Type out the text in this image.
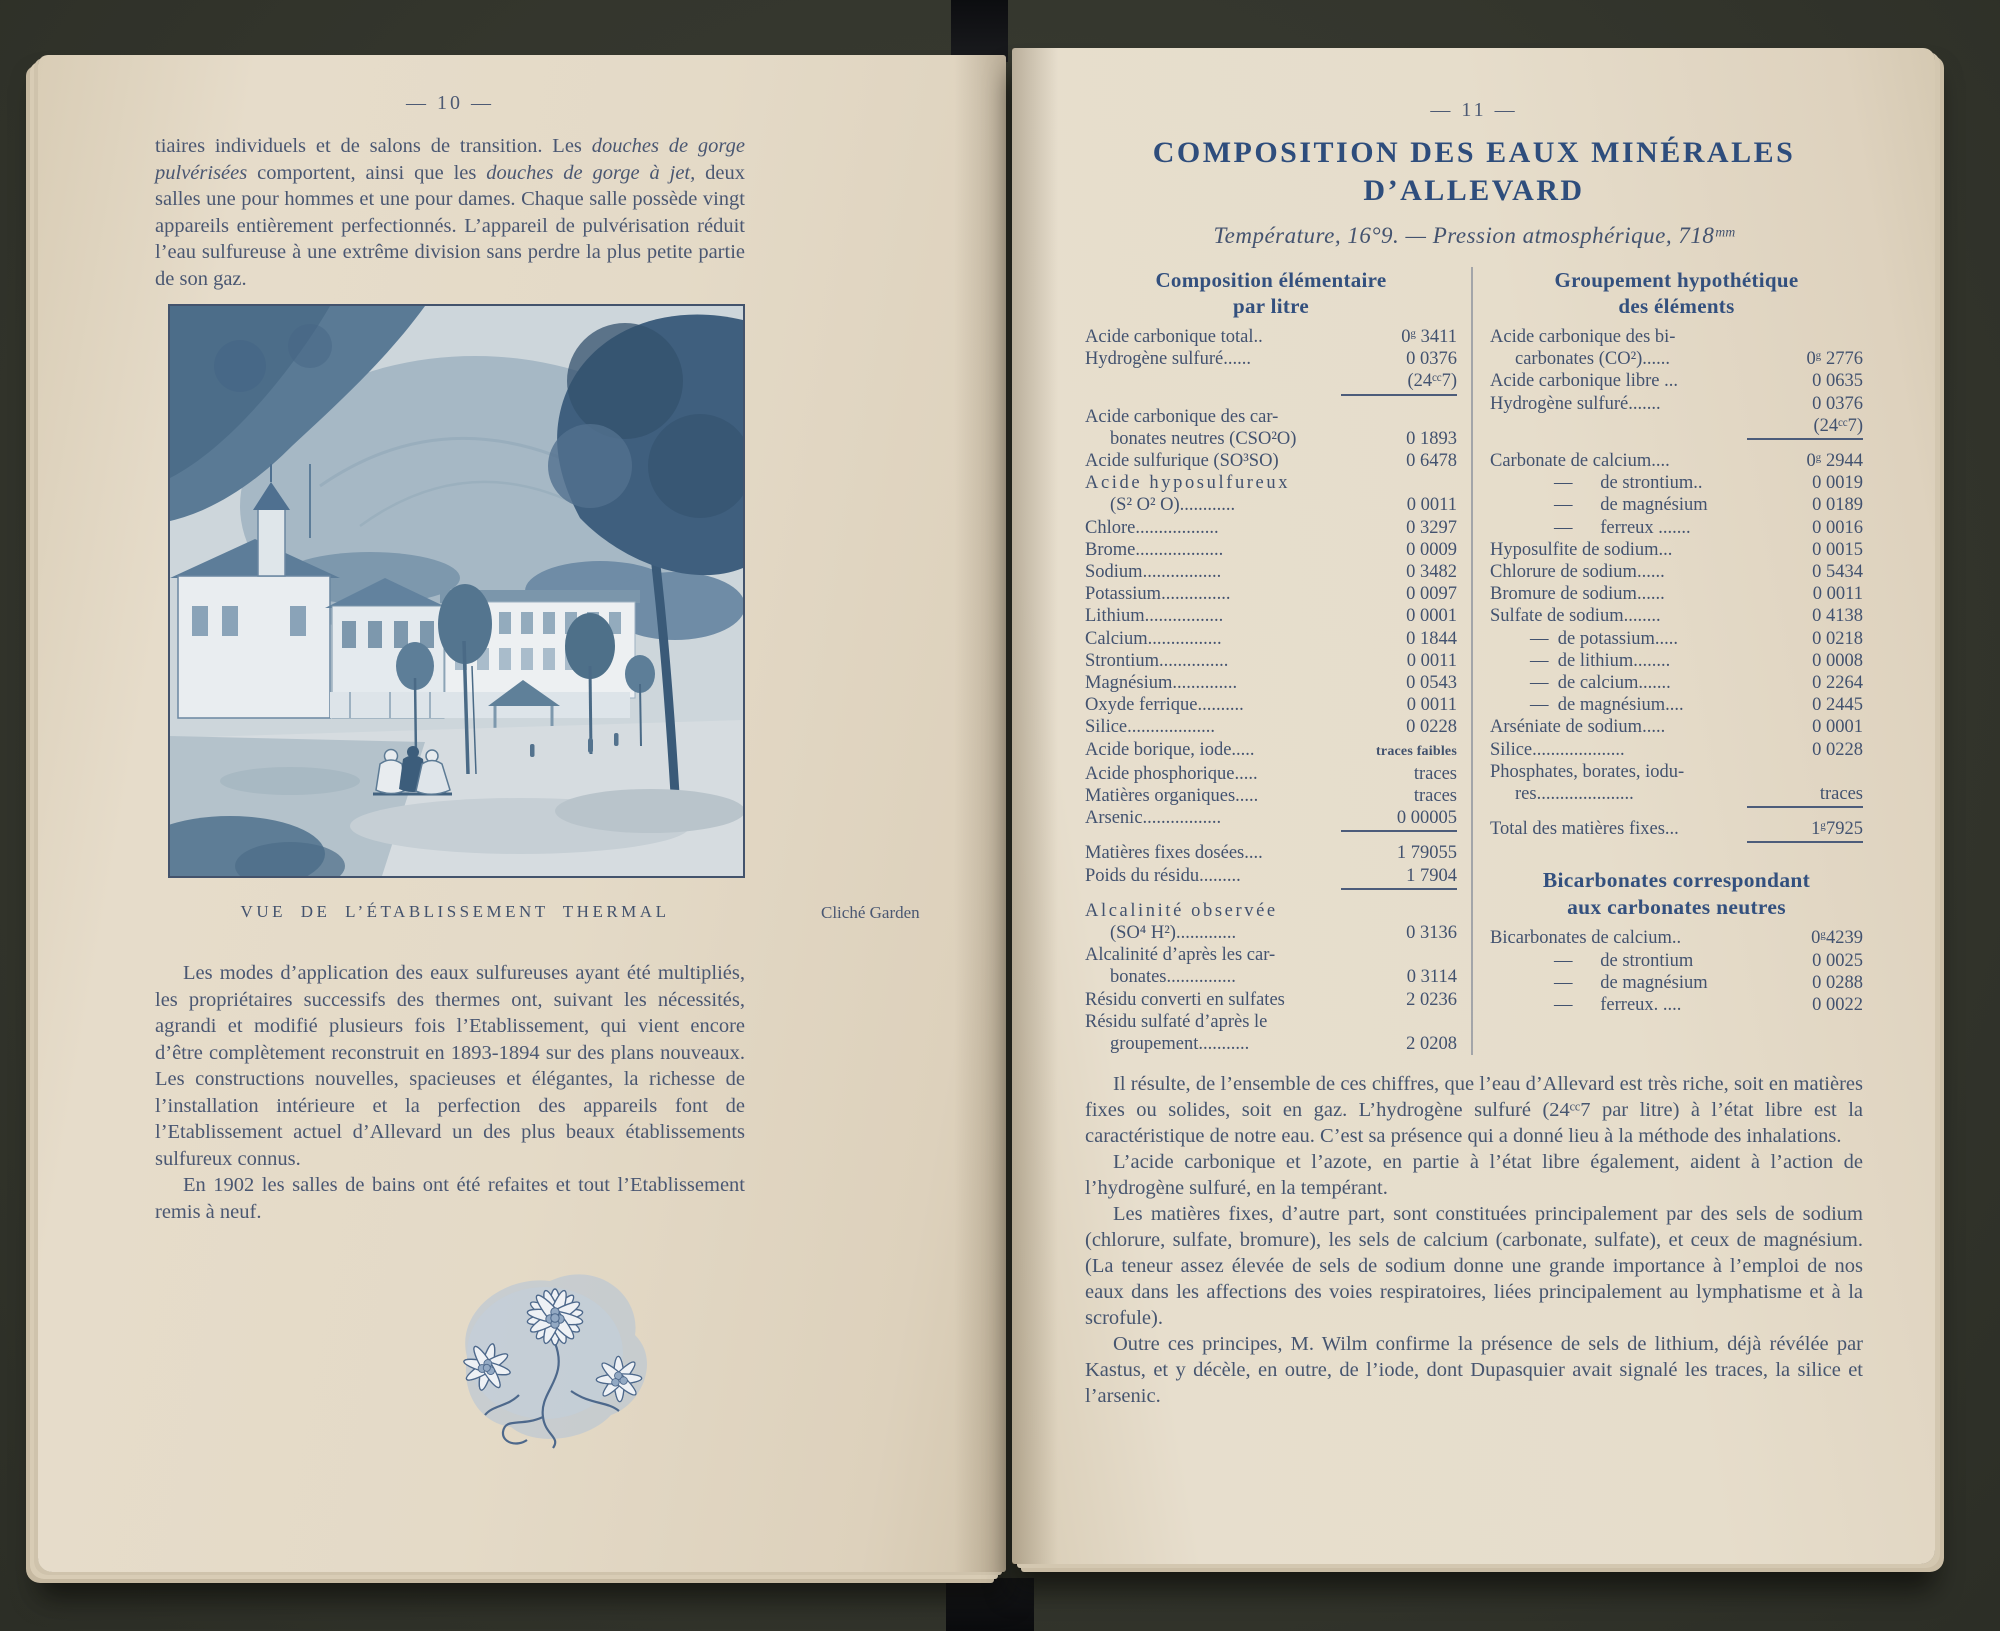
— 10 —

tiaires individuels et de salons de transition. Les douches de gorge pulvérisées comportent, ainsi que les douches de gorge à jet, deux salles une pour hommes et une pour dames. Chaque salle possède vingt appareils entièrement perfectionnés. L’appareil de pulvérisation réduit l’eau sulfureuse à une extrême division sans perdre la plus petite partie de son gaz.

VUE DE L’ÉTABLISSEMENT THERMAL	Cliché Garden

Les modes d’application des eaux sulfureuses ayant été multipliés, les propriétaires successifs des thermes ont, suivant les nécessités, agrandi et modifié plusieurs fois l’Etablissement, qui vient encore d’être complètement reconstruit en 1893-1894 sur des plans nouveaux. Les constructions nouvelles, spacieuses et élégantes, la richesse de l’installation intérieure et la perfection des appareils font de l’Etablissement actuel d’Allevard un des plus beaux établissements sulfureux connus.

En 1902 les salles de bains ont été refaites et tout l’Etablissement remis à neuf.

— 11 —
COMPOSITION DES EAUX MINÉRALES
D’ALLEVARD
Température, 16°9. — Pression atmosphérique, 718ᵐᵐ
Composition élémentaire
par litre
Acide carbonique total..	0ᵍ 3411
Hydrogène sulfuré......	0 0376
(24ᶜᶜ7)
Acide carbonique des car-
bonates neutres (CSO²O)	0 1893
Acide sulfurique (SO³SO)	0 6478
Acide hyposulfureux
(S² O² O)............	0 0011
Chlore..................	0 3297
Brome...................	0 0009
Sodium.................	0 3482
Potassium...............	0 0097
Lithium.................	0 0001
Calcium................	0 1844
Strontium...............	0 0011
Magnésium..............	0 0543
Oxyde ferrique..........	0 0011
Silice...................	0 0228
Acide borique, iode.....	traces faibles
Acide phosphorique.....	traces
Matières organiques.....	traces
Arsenic.................	0 00005
Matières fixes dosées....	1 79055
Poids du résidu.........	1 7904
Alcalinité observée
(SO⁴ H²).............	0 3136
Alcalinité d’après les car-
bonates...............	0 3114
Résidu converti en sulfates	2 0236
Résidu sulfaté d’après le
groupement...........	2 0208
Groupement hypothétique
des éléments
Acide carbonique des bi-
carbonates (CO²)......	0ᵍ 2776
Acide carbonique libre ...	0 0635
Hydrogène sulfuré.......	0 0376
(24ᶜᶜ7)
Carbonate de calcium....	0ᵍ 2944
—  de strontium..	0 0019
—  de magnésium	0 0189
—  ferreux .......	0 0016
Hyposulfite de sodium...	0 0015
Chlorure de sodium......	0 5434
Bromure de sodium......	0 0011
Sulfate de sodium........	0 4138
— de potassium.....	0 0218
— de lithium........	0 0008
— de calcium.......	0 2264
— de magnésium....	0 2445
Arséniate de sodium.....	0 0001
Silice....................	0 0228
Phosphates, borates, iodu-
res.....................	traces
Total des matières fixes...	1ᵍ7925
Bicarbonates correspondant
aux carbonates neutres
Bicarbonates de calcium..	0ᵍ4239
—  de strontium	0 0025
—  de magnésium	0 0288
—  ferreux. ....	0 0022

Il résulte, de l’ensemble de ces chiffres, que l’eau d’Allevard est très riche, soit en matières fixes ou solides, soit en gaz. L’hydrogène sulfuré (24ᶜᶜ7 par litre) à l’état libre est la caractéristique de notre eau. C’est sa présence qui a donné lieu à la méthode des inhalations.

L’acide carbonique et l’azote, en partie à l’état libre également, aident à l’action de l’hydrogène sulfuré, en la tempérant.

Les matières fixes, d’autre part, sont constituées principalement par des sels de sodium (chlorure, sulfate, bromure), les sels de calcium (carbonate, sulfate), et ceux de magnésium. (La teneur assez élevée de sels de sodium donne une grande importance à l’emploi de nos eaux dans les affections des voies respiratoires, liées principalement au lymphatisme et à la scrofule).

Outre ces principes, M. Wilm confirme la présence de sels de lithium, déjà révélée par Kastus, et y décèle, en outre, de l’iode, dont Dupasquier avait signalé les traces, la silice et l’arsenic.
